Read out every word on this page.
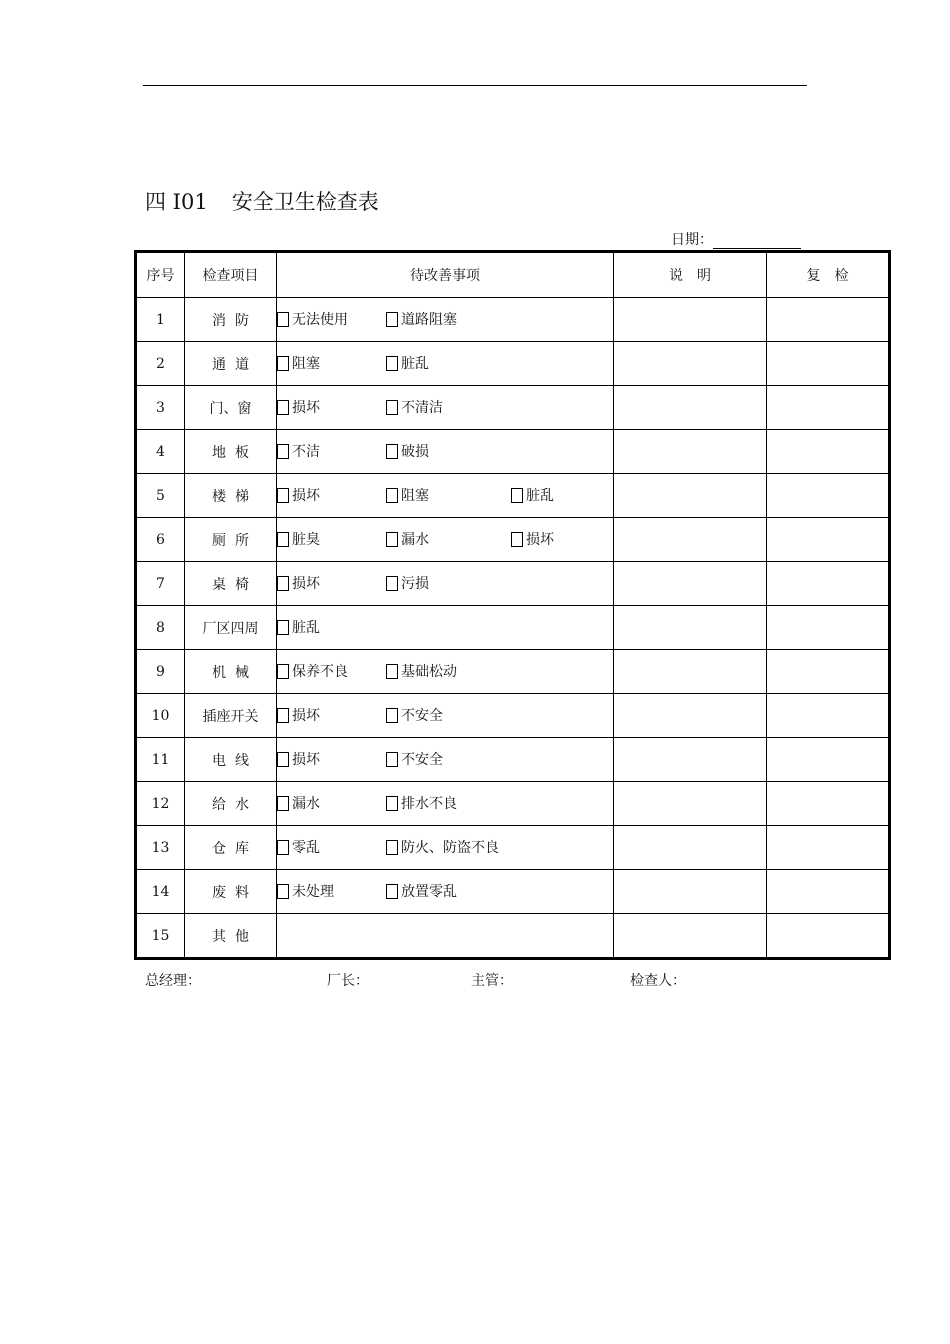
四 I01 安全卫生检查表
日期：
序号	检查项目	待改善事项	说　明	复　检
1	消  防	无法使用 道路阻塞		
2	通  道	阻塞 脏乱		
3	门、窗	损坏 不清洁		
4	地  板	不洁 破损		
5	楼  梯	损坏 阻塞 脏乱		
6	厕  所	脏臭 漏水 损坏		
7	桌  椅	损坏 污损		
8	厂区四周	脏乱		
9	机  械	保养不良 基础松动		
10	插座开关	损坏 不安全		
11	电  线	损坏 不安全		
12	给  水	漏水 排水不良		
13	仓  库	零乱 防火、防盗不良		
14	废  料	未处理 放置零乱		
15	其  他			
总经理：	厂长：	主管：	检查人：
